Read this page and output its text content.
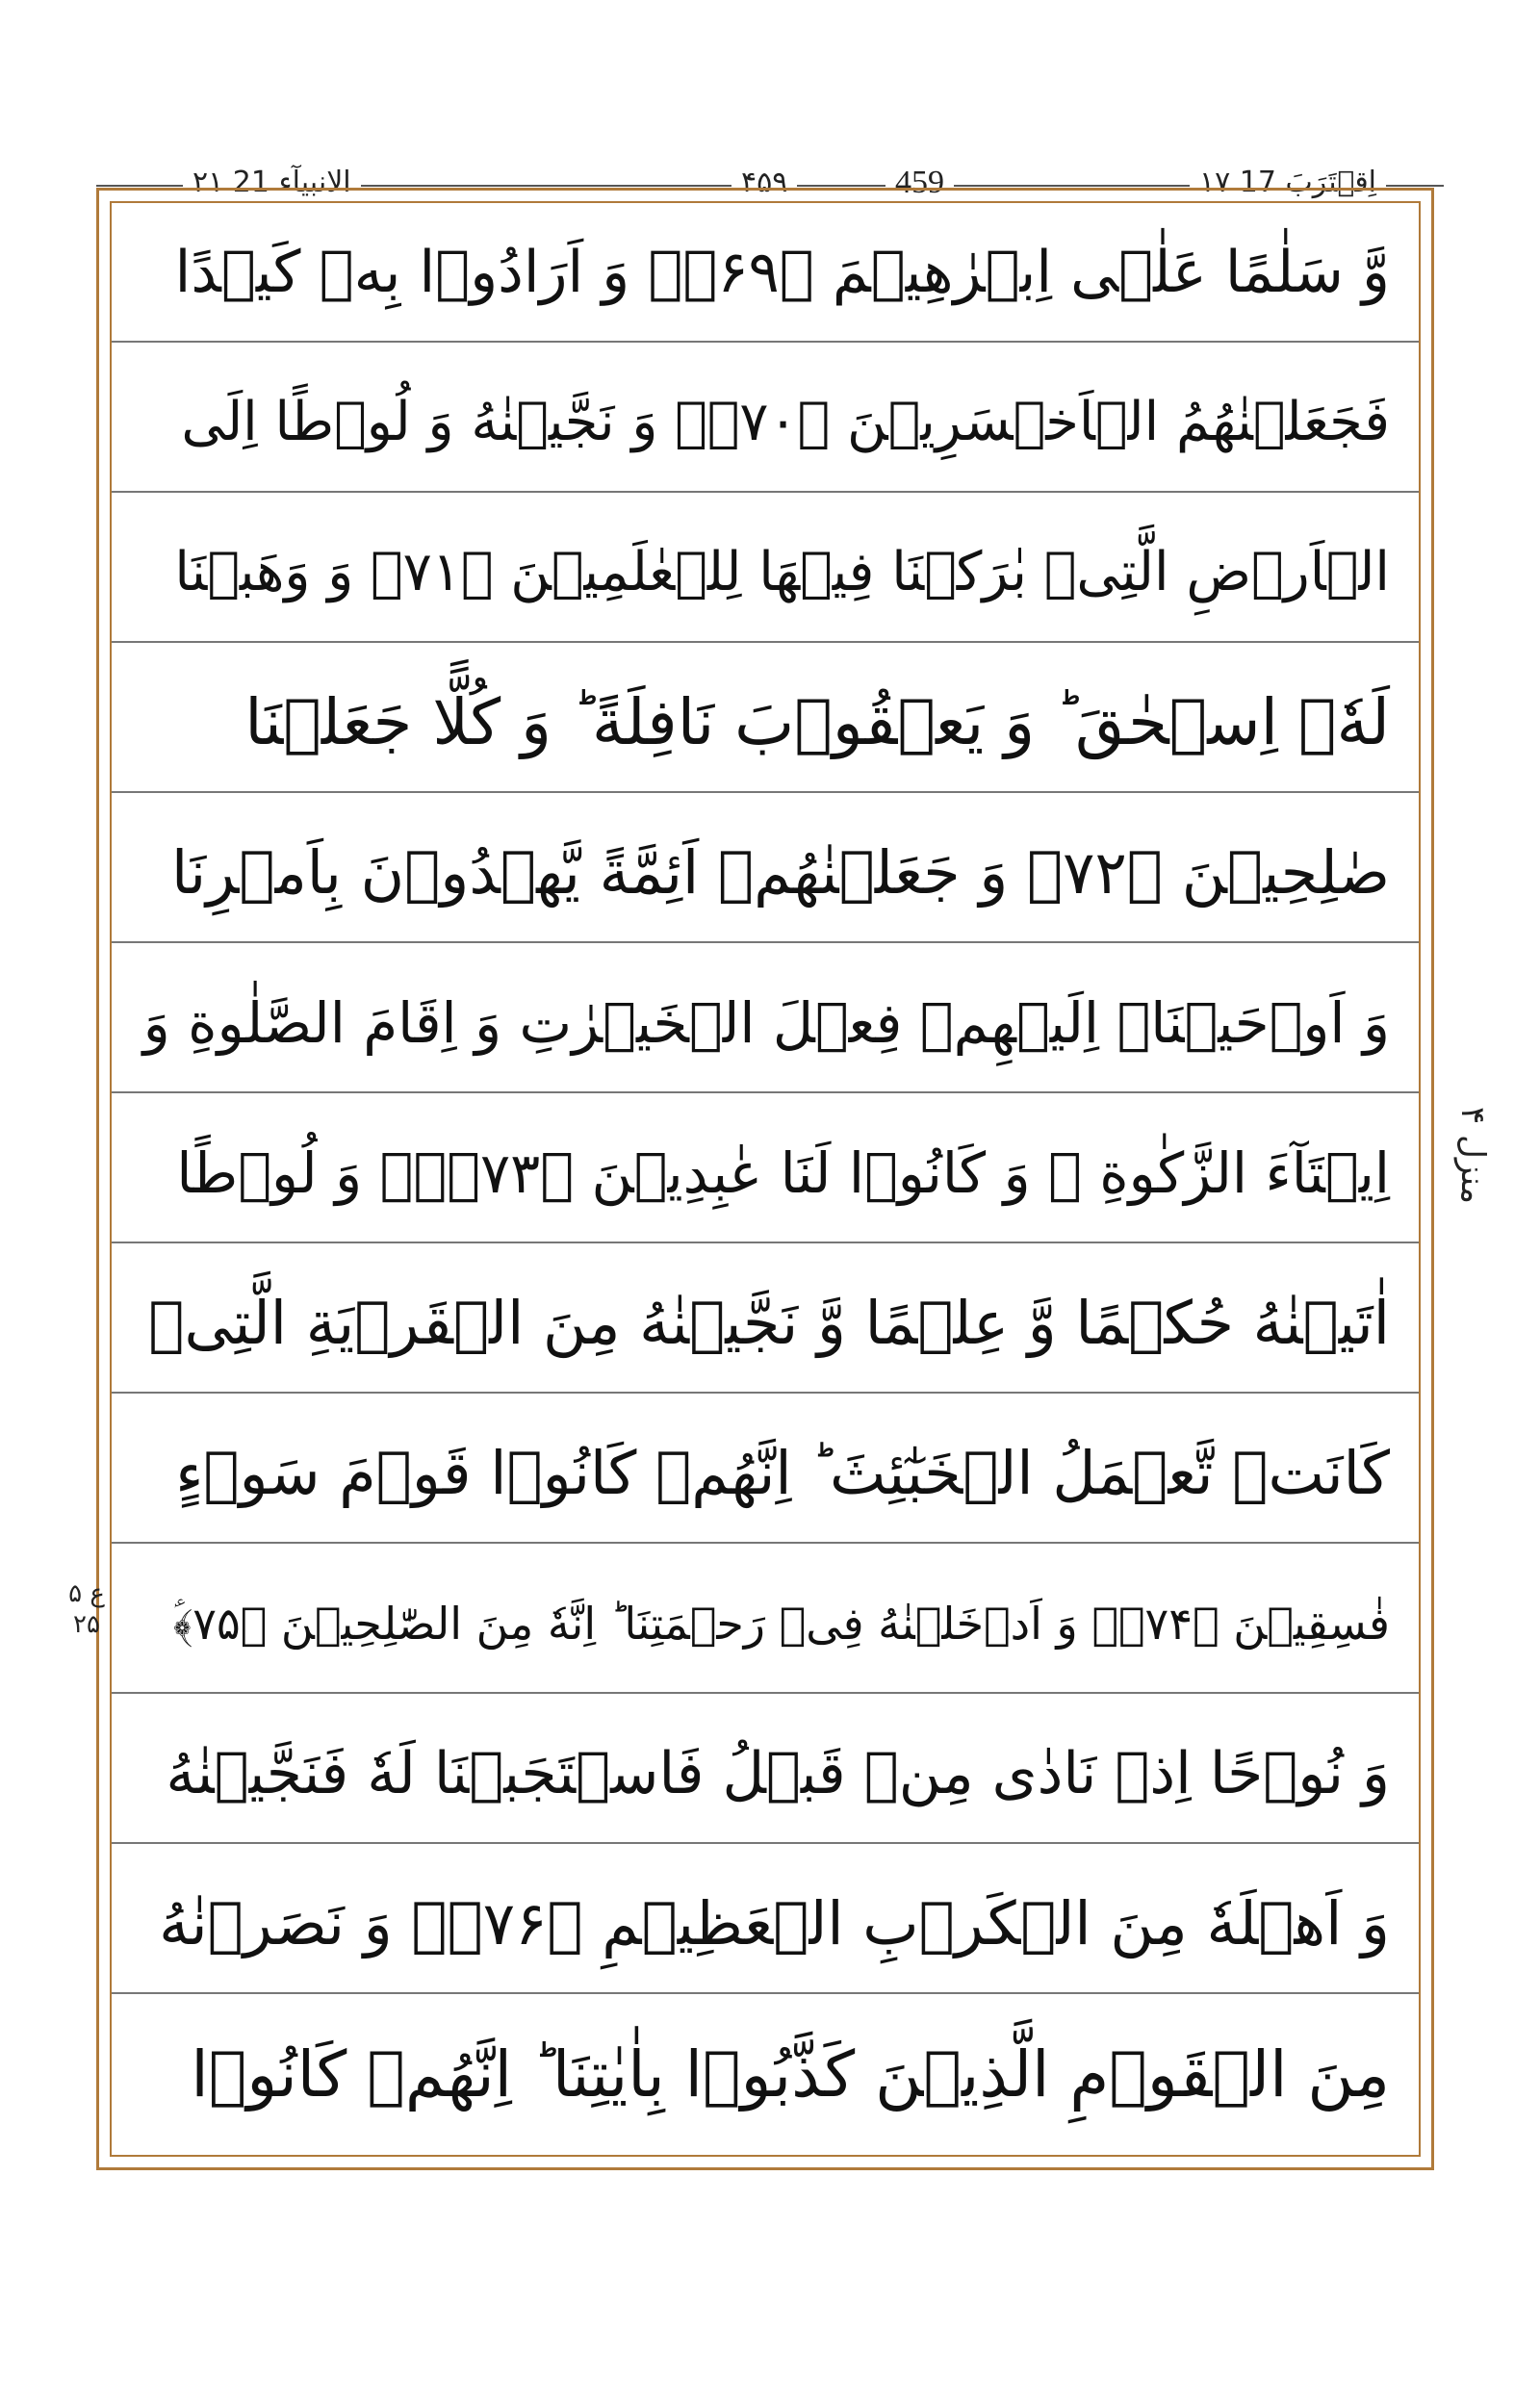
۲۱ الانبیآء 21	۴۵۹	459	۱۷ اِقۡتَرَبَ 17
وَّ سَلٰمًا عَلٰۤی اِبۡرٰهِیۡمَ ﴿۶۹﴾ۙ وَ اَرَادُوۡا بِهٖ كَیۡدًا
فَجَعَلۡنٰهُمُ الۡاَخۡسَرِیۡنَ ﴿۷۰﴾ۚ وَ نَجَّیۡنٰهُ وَ لُوۡطًا اِلَی
الۡاَرۡضِ الَّتِیۡ بٰرَكۡنَا فِیۡهَا لِلۡعٰلَمِیۡنَ ﴿۷۱﴾ وَ وَهَبۡنَا
لَهٗۤ اِسۡحٰقَ ؕ وَ یَعۡقُوۡبَ نَافِلَةً ؕ وَ كُلًّا جَعَلۡنَا
صٰلِحِیۡنَ ﴿۷۲﴾ وَ جَعَلۡنٰهُمۡ اَئِمَّةً یَّهۡدُوۡنَ بِاَمۡرِنَا
وَ اَوۡحَیۡنَاۤ اِلَیۡهِمۡ فِعۡلَ الۡخَیۡرٰتِ وَ اِقَامَ الصَّلٰوةِ وَ
اِیۡتَآءَ الزَّكٰوةِ ۚ وَ كَانُوۡا لَنَا عٰبِدِیۡنَ ﴿۷۳﴾ۙۚ وَ لُوۡطًا
اٰتَیۡنٰهُ حُكۡمًا وَّ عِلۡمًا وَّ نَجَّیۡنٰهُ مِنَ الۡقَرۡیَةِ الَّتِیۡ
كَانَتۡ تَّعۡمَلُ الۡخَبٰٓئِثَ ؕ اِنَّهُمۡ كَانُوۡا قَوۡمَ سَوۡءٍ
فٰسِقِیۡنَ ﴿۷۴﴾ۙ وَ اَدۡخَلۡنٰهُ فِیۡ رَحۡمَتِنَا ؕ اِنَّهٗ مِنَ الصّٰلِحِیۡنَ ﴿۷۵﴾ؑ
وَ نُوۡحًا اِذۡ نَادٰی مِنۡ قَبۡلُ فَاسۡتَجَبۡنَا لَهٗ فَنَجَّیۡنٰهُ
وَ اَهۡلَهٗ مِنَ الۡكَرۡبِ الۡعَظِیۡمِ ﴿۷۶﴾ۚ وَ نَصَرۡنٰهُ
مِنَ الۡقَوۡمِ الَّذِیۡنَ كَذَّبُوۡا بِاٰیٰتِنَا ؕ اِنَّهُمۡ كَانُوۡا
منزل ۴
ع ۵ ۲۵
